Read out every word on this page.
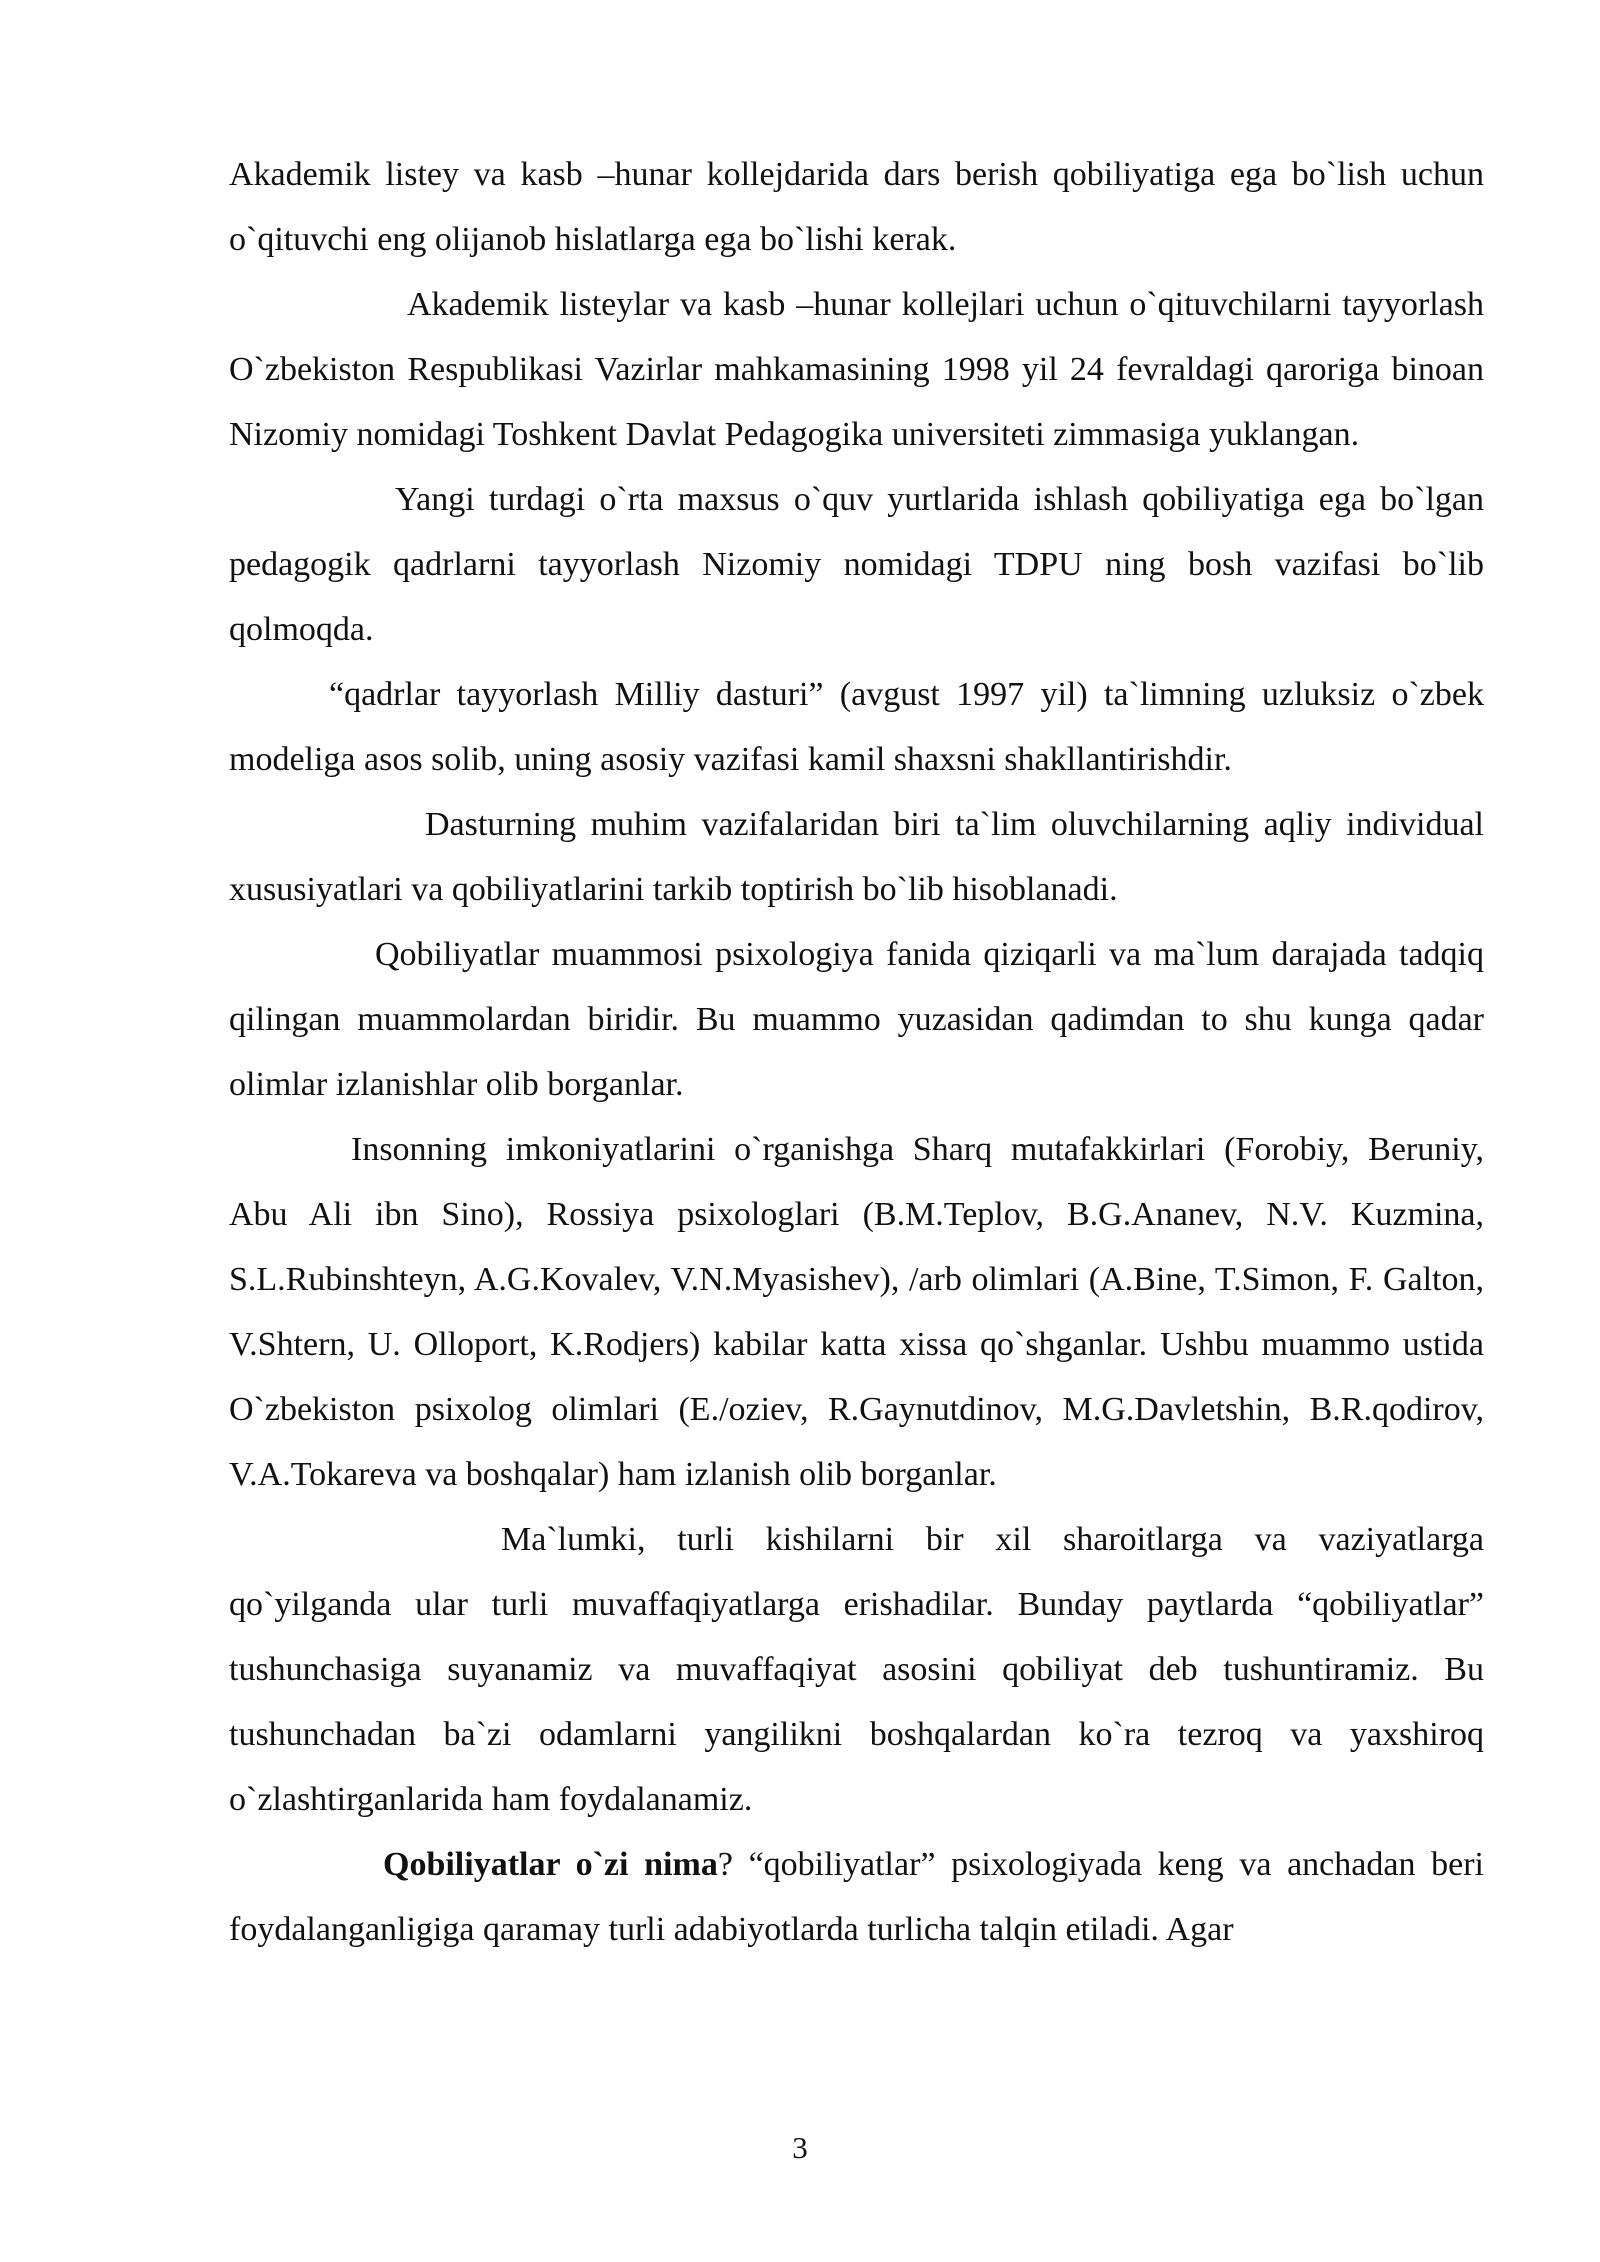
Akademik listey va kasb –hunar kollejdarida dars berish qobiliyatiga ega bo`lish uchun o`qituvchi eng olijanob hislatlarga ega bo`lishi kerak.

Akademik listeylar va kasb –hunar kollejlari uchun o`qituvchilarni tayyorlash O`zbekiston Respublikasi Vazirlar mahkamasining 1998 yil 24 fevraldagi qaroriga binoan Nizomiy nomidagi Toshkent Davlat Pedagogika universiteti zimmasiga yuklangan.

Yangi turdagi o`rta maxsus o`quv yurtlarida ishlash qobiliyatiga ega bo`lgan pedagogik qadrlarni tayyorlash Nizomiy nomidagi TDPU ning bosh vazifasi bo`lib qolmoqda.

“qadrlar tayyorlash Milliy dasturi” (avgust 1997 yil) ta`limning uzluksiz o`zbek modeliga asos solib, uning asosiy vazifasi kamil shaxsni shakllantirishdir.

Dasturning muhim vazifalaridan biri ta`lim oluvchilarning aqliy individual xususiyatlari va qobiliyatlarini tarkib toptirish bo`lib hisoblanadi.

Qobiliyatlar muammosi psixologiya fanida qiziqarli va ma`lum darajada tadqiq qilingan muammolardan biridir. Bu muammo yuzasidan qadimdan to shu kunga qadar olimlar izlanishlar olib borganlar.

Insonning imkoniyatlarini o`rganishga Sharq mutafakkirlari (Forobiy, Beruniy, Abu Ali ibn Sino), Rossiya psixologlari (B.M.Teplov, B.G.Ananev, N.V. Kuzmina, S.L.Rubinshteyn, A.G.Kovalev, V.N.Myasishev), /arb olimlari (A.Bine, T.Simon, F. Galton, V.Shtern, U. Olloport, K.Rodjers) kabilar katta xissa qo`shganlar. Ushbu muammo ustida O`zbekiston psixolog olimlari (E./oziev, R.Gaynutdinov, M.G.Davletshin, B.R.qodirov, V.A.Tokareva va boshqalar) ham izlanish olib borganlar.

Ma`lumki, turli kishilarni bir xil sharoitlarga va vaziyatlarga qo`yilganda ular turli muvaffaqiyatlarga erishadilar. Bunday paytlarda “qobiliyatlar” tushunchasiga suyanamiz va muvaffaqiyat asosini qobiliyat deb tushuntiramiz. Bu tushunchadan ba`zi odamlarni yangilikni boshqalardan ko`ra tezroq va yaxshiroq o`zlashtirganlarida ham foydalanamiz.

Qobiliyatlar o`zi nima? “qobiliyatlar” psixologiyada keng va anchadan beri foydalanganligiga qaramay turli adabiyotlarda turlicha talqin etiladi. Agar

3
